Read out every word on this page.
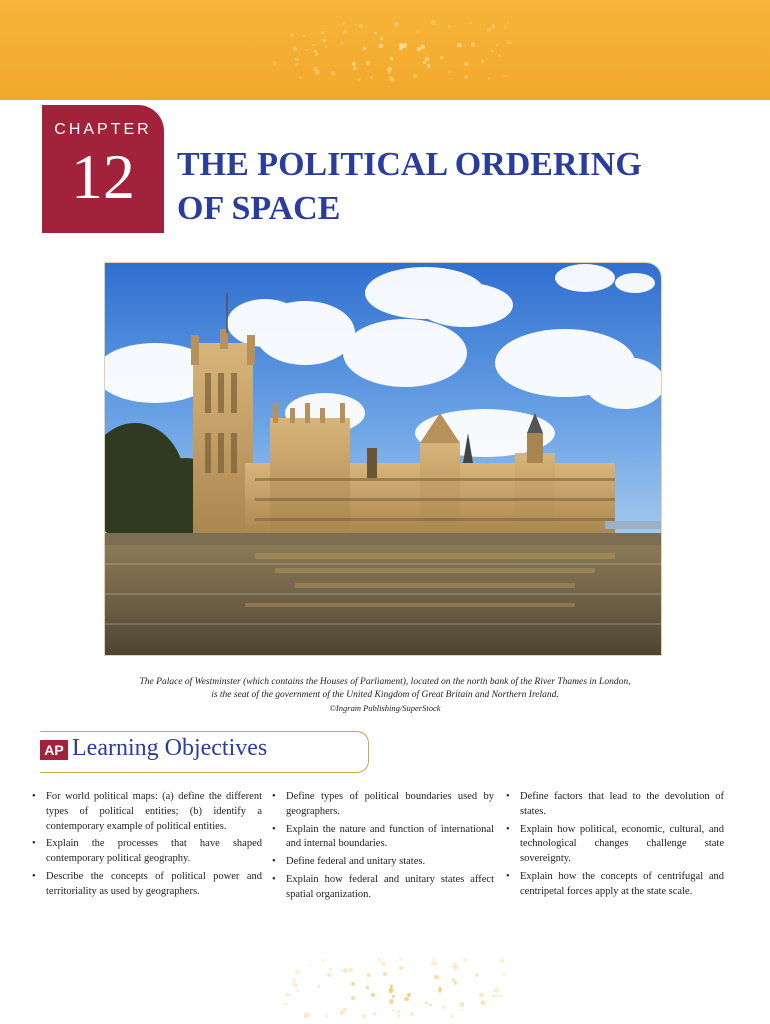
CHAPTER
12	THE POLITICAL ORDERING
OF SPACE
The Palace of Westminster (which contains the Houses of Parliament), located on the north bank of the River Thames in London,
is the seat of the government of the United Kingdom of Great Britain and Northern Ireland.
©Ingram Publishing/SuperStock
AP Learning Objectives
• For world political maps: (a) define the different types of political entities; (b) identify a contemporary example of political entities.
• Explain the processes that have shaped contemporary political geography.
• Describe the concepts of political power and territoriality as used by geographers.
• Define types of political boundaries used by geographers.
• Explain the nature and function of international and internal boundaries.
• Define federal and unitary states.
• Explain how federal and unitary states affect spatial organization.
• Define factors that lead to the devolution of states.
• Explain how political, economic, cultural, and technological changes challenge state sovereignty.
• Explain how the concepts of centrifugal and centripetal forces apply at the state scale.
